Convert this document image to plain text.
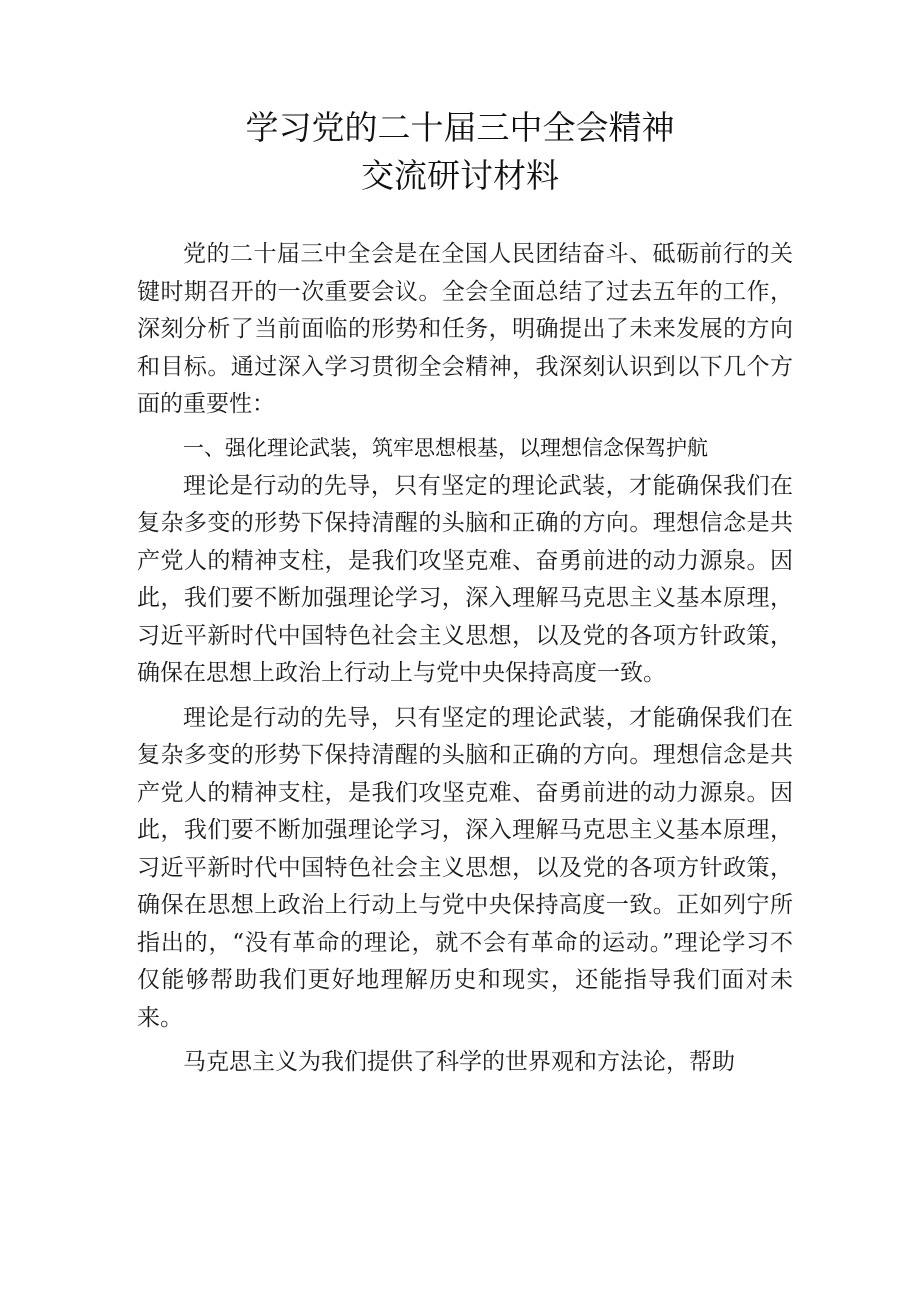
学习党的二十届三中全会精神
交流研讨材料

党的二十届三中全会是在全国人民团结奋斗、砥砺前行的关键时期召开的一次重要会议。全会全面总结了过去五年的工作，深刻分析了当前面临的形势和任务，明确提出了未来发展的方向和目标。通过深入学习贯彻全会精神，我深刻认识到以下几个方面的重要性：

一、强化理论武装，筑牢思想根基，以理想信念保驾护航

理论是行动的先导，只有坚定的理论武装，才能确保我们在复杂多变的形势下保持清醒的头脑和正确的方向。理想信念是共产党人的精神支柱，是我们攻坚克难、奋勇前进的动力源泉。因此，我们要不断加强理论学习，深入理解马克思主义基本原理，习近平新时代中国特色社会主义思想，以及党的各项方针政策，确保在思想上政治上行动上与党中央保持高度一致。

理论是行动的先导，只有坚定的理论武装，才能确保我们在复杂多变的形势下保持清醒的头脑和正确的方向。理想信念是共产党人的精神支柱，是我们攻坚克难、奋勇前进的动力源泉。因此，我们要不断加强理论学习，深入理解马克思主义基本原理，习近平新时代中国特色社会主义思想，以及党的各项方针政策，确保在思想上政治上行动上与党中央保持高度一致。正如列宁所指出的，“没有革命的理论，就不会有革命的运动。”理论学习不仅能够帮助我们更好地理解历史和现实，还能指导我们面对未来。

马克思主义为我们提供了科学的世界观和方法论，帮助
